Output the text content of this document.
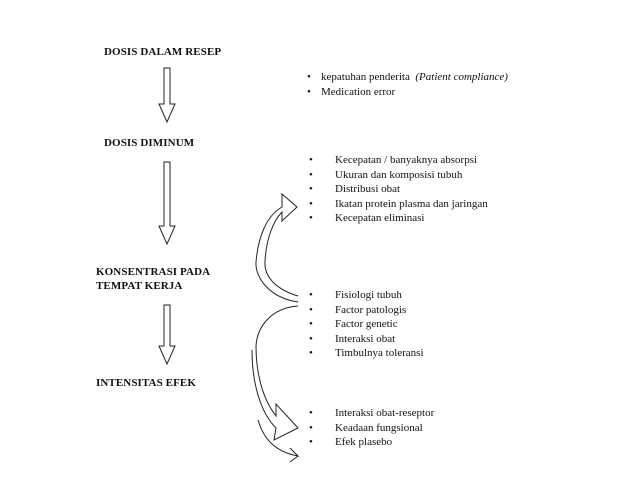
DOSIS DALAM RESEP
DOSIS DIMINUM
KONSENTRASI PADA
TEMPAT KERJA
INTENSITAS EFEK
• kepatuhan penderita (Patient compliance)
• Medication error
• Kecepatan / banyaknya absorpsi
• Ukuran dan komposisi tubuh
• Distribusi obat
• Ikatan protein plasma dan jaringan
• Kecepatan eliminasi
• Fisiologi tubuh
• Factor patologis
• Factor genetic
• Interaksi obat
• Timbulnya toleransi
• Interaksi obat-reseptor
• Keadaan fungsional
• Efek plasebo
